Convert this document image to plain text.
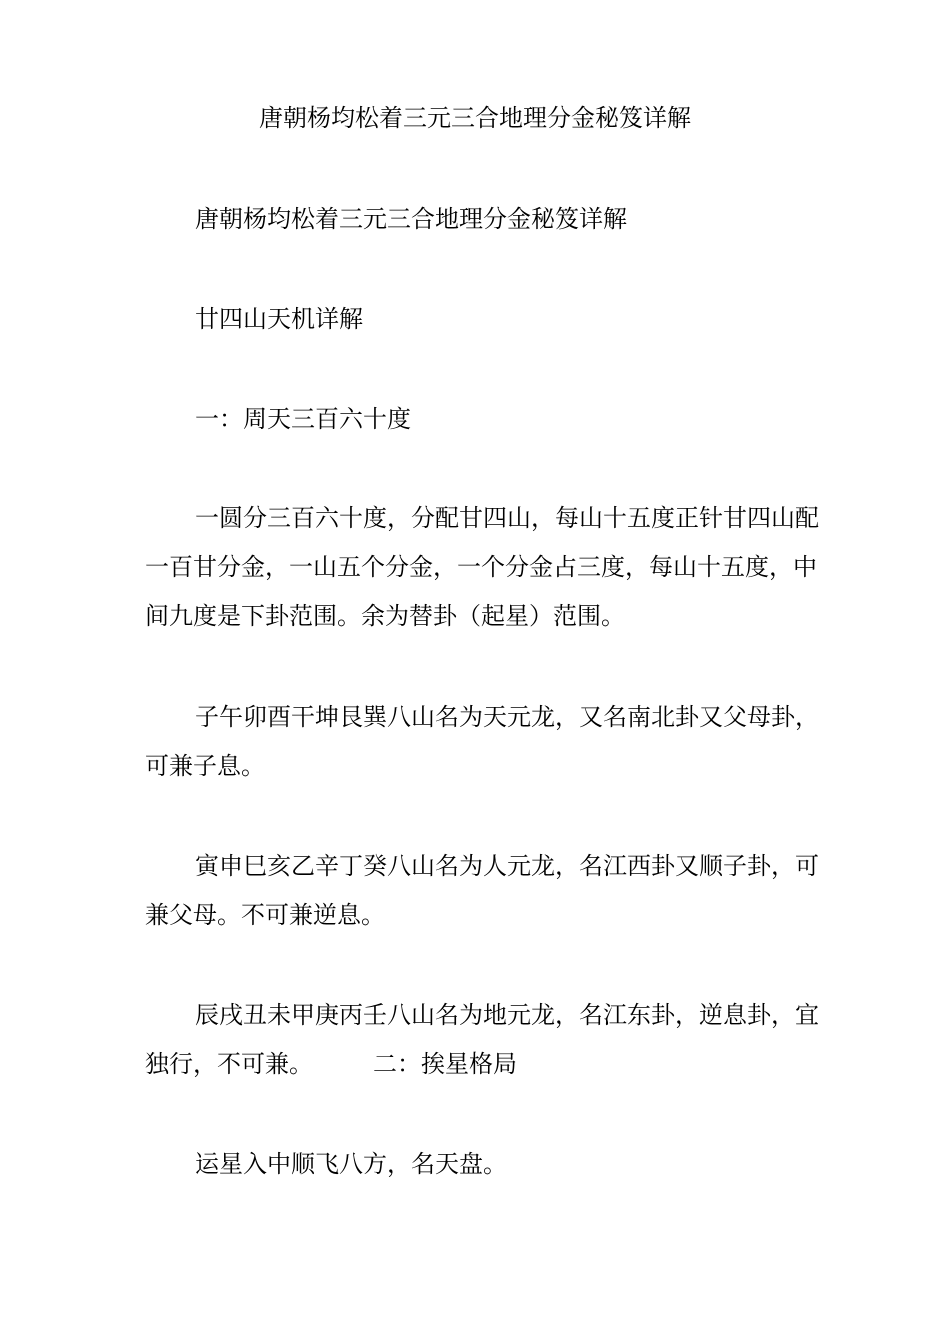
唐朝杨均松着三元三合地理分金秘笈详解

唐朝杨均松着三元三合地理分金秘笈详解

廿四山天机详解

一：周天三百六十度

一圆分三百六十度，分配甘四山，每山十五度正针甘四山配一百甘分金，一山五个分金，一个分金占三度，每山十五度，中间九度是下卦范围。余为替卦（起星）范围。

子午卯酉干坤艮巽八山名为天元龙，又名南北卦又父母卦，可兼子息。

寅申巳亥乙辛丁癸八山名为人元龙，名江西卦又顺子卦，可兼父母。不可兼逆息。

辰戌丑未甲庚丙壬八山名为地元龙，名江东卦，逆息卦，宜独行，不可兼。	二：挨星格局

运星入中顺飞八方，名天盘。
